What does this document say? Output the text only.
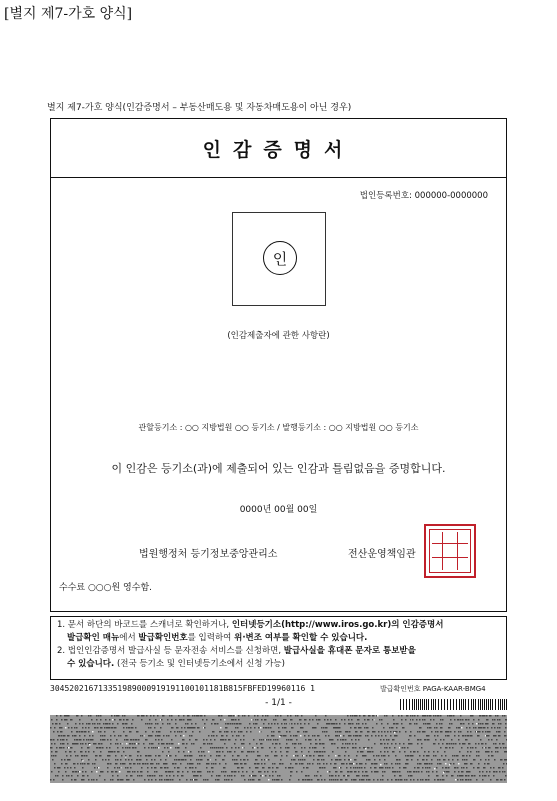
[별지 제7-가호 양식]
별지 제7-가호 양식(인감증명서 – 부동산매도용 및 자동차매도용이 아닌 경우)
인감증명서
법인등록번호: 000000-0000000
인
(인감제출자에 관한 사항란)
관할등기소 : ○○ 지방법원 ○○ 등기소 / 발행등기소 : ○○ 지방법원 ○○ 등기소
이 인감은 등기소(과)에 제출되어 있는 인감과 틀림없음을 증명합니다.
0000년 00월 00일
법원행정처 등기정보중앙관리소	전산운영책임관
수수료 ○○○원 영수함.
1. 문서 하단의 바코드를 스캐너로 확인하거나, 인터넷등기소(http://www.iros.go.kr)의 인감증명서
발급확인 매뉴에서 발급확인번호를 입력하여 위·변조 여부를 확인할 수 있습니다.
2. 법인인감증명서 발급사실 등 문자전송 서비스를 신청하면, 발급사실을 휴대폰 문자로 통보받을
수 있습니다. (전국 등기소 및 인터넷등기소에서 신청 가능)
304520216713351989000919191100101181B815FBFED19960116 1	발급확인번호 PAGA-KAAR-BMG4
- 1/1 -
